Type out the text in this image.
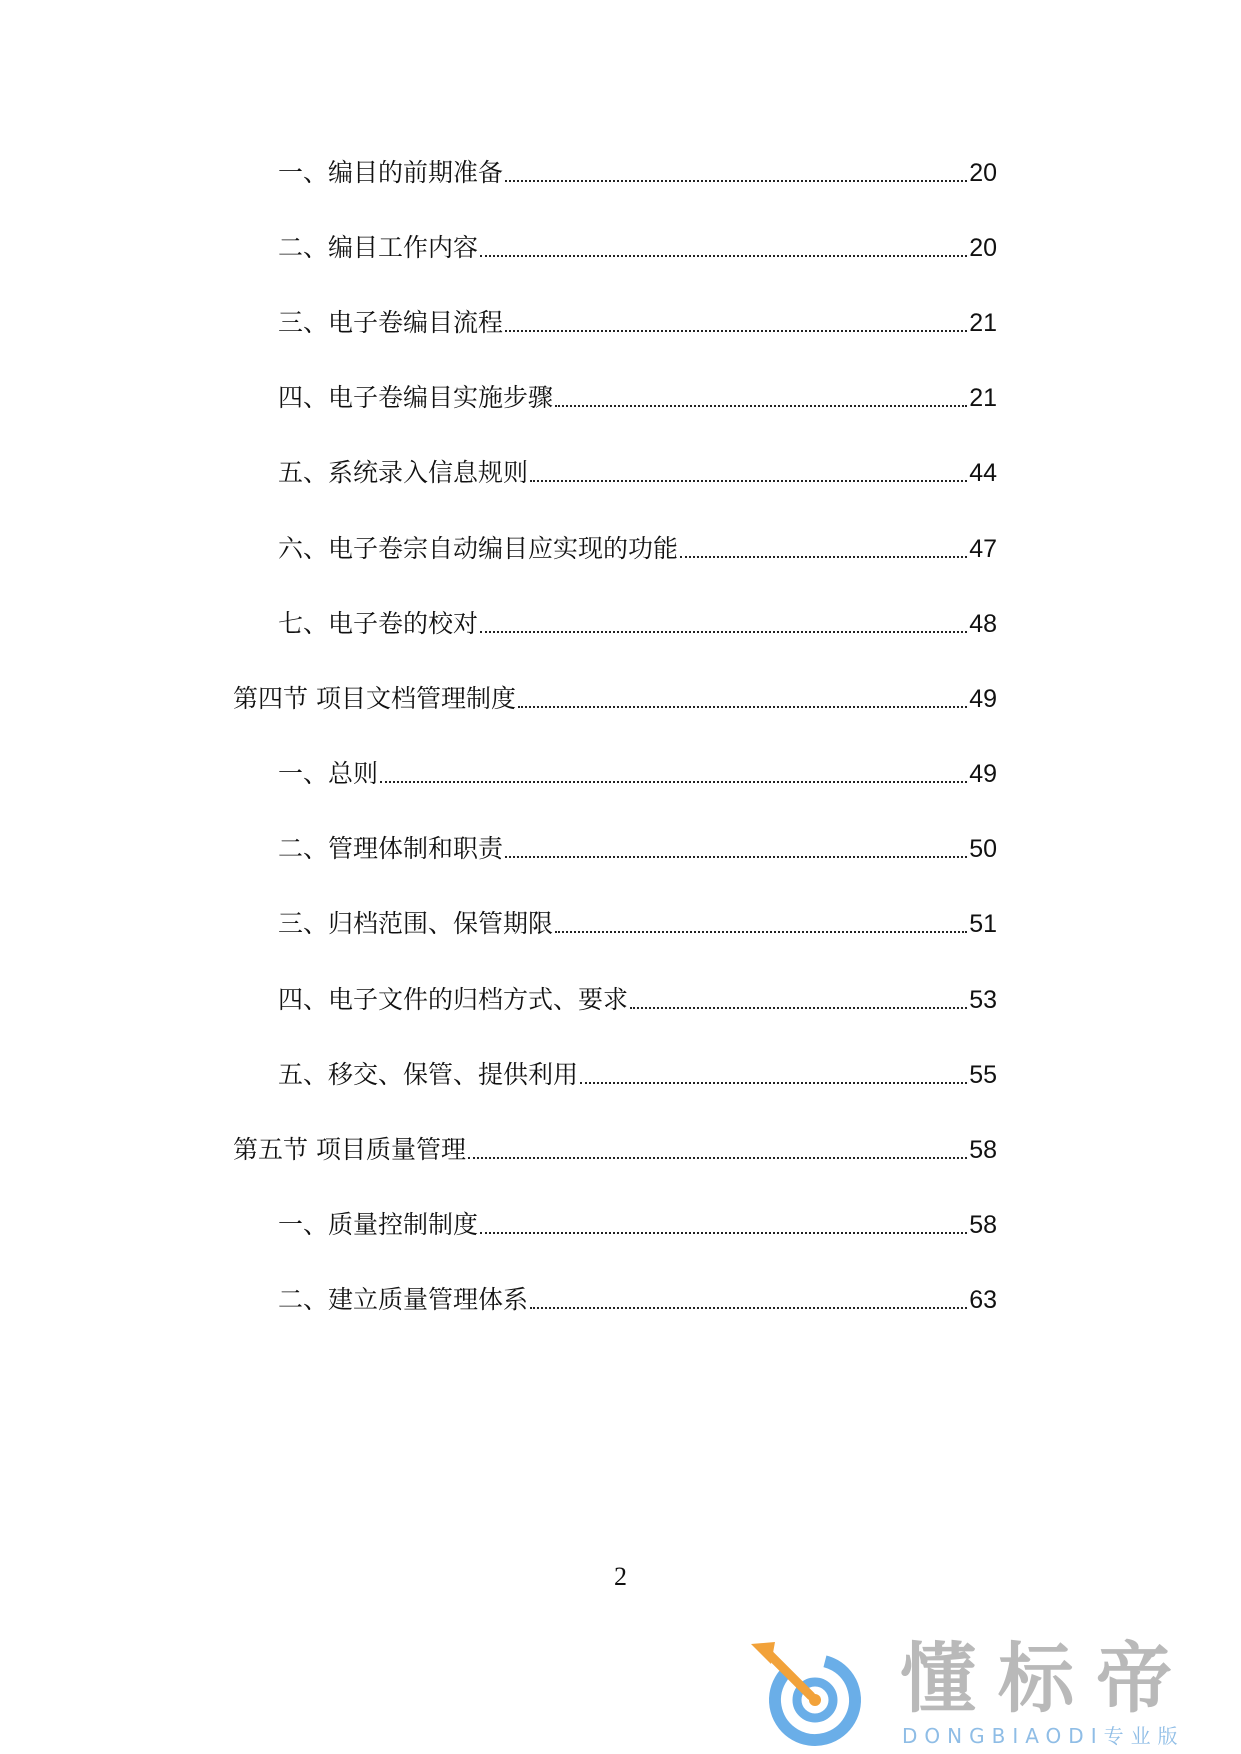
一、编目的前期准备	20
二、编目工作内容	20
三、电子卷编目流程	21
四、电子卷编目实施步骤	21
五、系统录入信息规则	44
六、电子卷宗自动编目应实现的功能	47
七、电子卷的校对	48
第四节 项目文档管理制度	49
一、总则	49
二、管理体制和职责	50
三、归档范围、保管期限	51
四、电子文件的归档方式、要求	53
五、移交、保管、提供利用	55
第五节 项目质量管理	58
一、质量控制制度	58
二、建立质量管理体系	63
2
懂标帝
DONGBIAODI专业版
